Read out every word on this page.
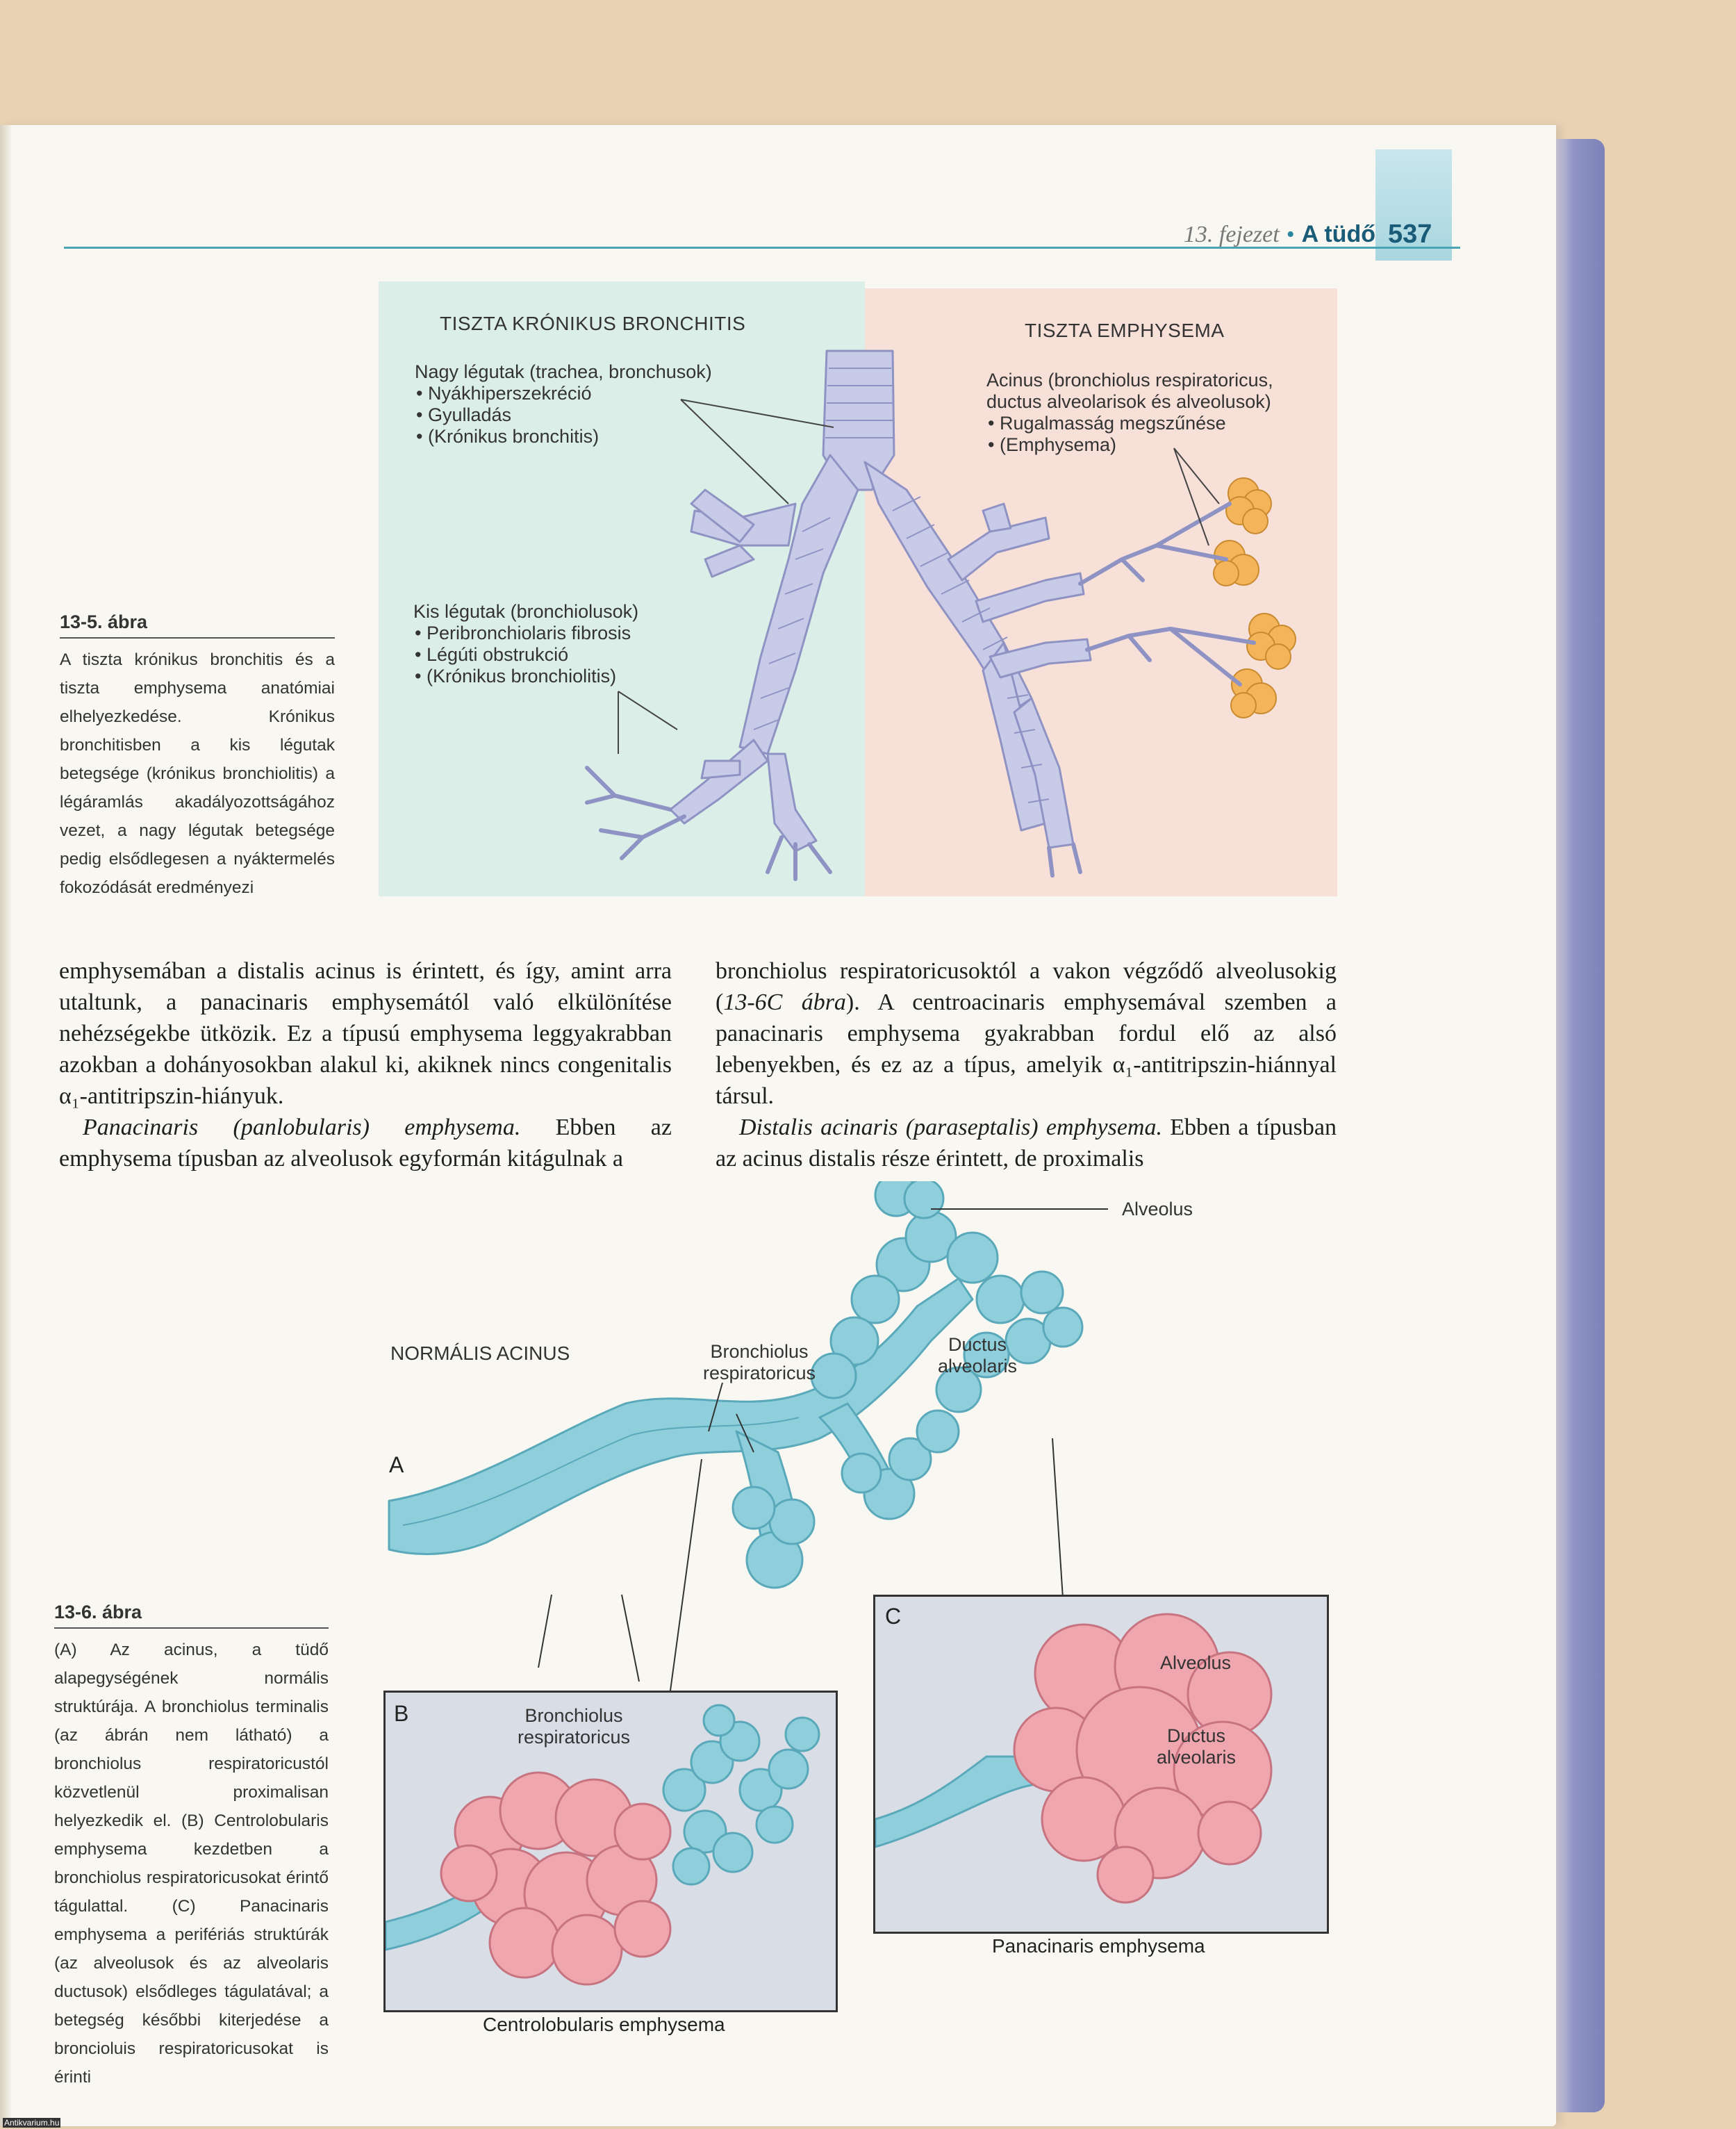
13. fejezet • A tüdő 537
TISZTA KRÓNIKUS BRONCHITIS	TISZTA EMPHYSEMA
Nagy légutak (trachea, bronchusok)
• Nyákhiperszekréció
• Gyulladás
• (Krónikus bronchitis)
Kis légutak (bronchiolusok)
• Peribronchiolaris fibrosis
• Légúti obstrukció
• (Krónikus bronchiolitis)
Acinus (bronchiolus respiratoricus,
ductus alveolarisok és alveolusok)
• Rugalmasság megszűnése
• (Emphysema)
13-5. ábra
A tiszta krónikus bronchitis és a tiszta emphysema anatómiai elhelyezkedése. Krónikus bronchitisben a kis légutak betegsége (krónikus bronchiolitis) a légáramlás akadályozottságához vezet, a nagy légutak betegsége pedig elsődlegesen a nyáktermelés fokozódását eredményezi

emphysemában a distalis acinus is érintett, és így, amint arra utaltunk, a panacinaris emphysemától való elkülönítése nehézségekbe ütközik. Ez a típusú emphysema leggyakrabban azokban a dohányosokban alakul ki, akiknek nincs congenitalis α₁-antitripszin-hiányuk.

Panacinaris (panlobularis) emphysema. Ebben az emphysema típusban az alveolusok egyformán kitágulnak a

bronchiolus respiratoricusoktól a vakon végződő alveolusokig (13-6C ábra). A centroacinaris emphysemával szemben a panacinaris emphysema gyakrabban fordul elő az alsó lebenyekben, és ez az a típus, amelyik α₁-antitripszin-hiánnyal társul.

Distalis acinaris (paraseptalis) emphysema. Ebben a típusban az acinus distalis része érintett, de proximalis

A
NORMÁLIS ACINUS
Alveolus
Bronchiolus
respiratoricus
Ductus
alveolaris
B	Bronchiolus
respiratoricus
Centrolobularis emphysema
C
Alveolus
Ductus
alveolaris
Panacinaris emphysema
13-6. ábra
(A) Az acinus, a tüdő alapegységének normális struktúrája. A bronchiolus terminalis (az ábrán nem látható) a bronchiolus respiratoricustól közvetlenül proximalisan helyezkedik el. (B) Centrolobularis emphysema kezdetben a bronchiolus respiratoricusokat érintő tágulattal. (C) Panacinaris emphysema a perifériás struktúrák (az alveolusok és az alveolaris ductusok) elsődleges tágulatával; a betegség későbbi kiterjedése a broncioluis respiratoricusokat is érinti
Antikvarium.hu
